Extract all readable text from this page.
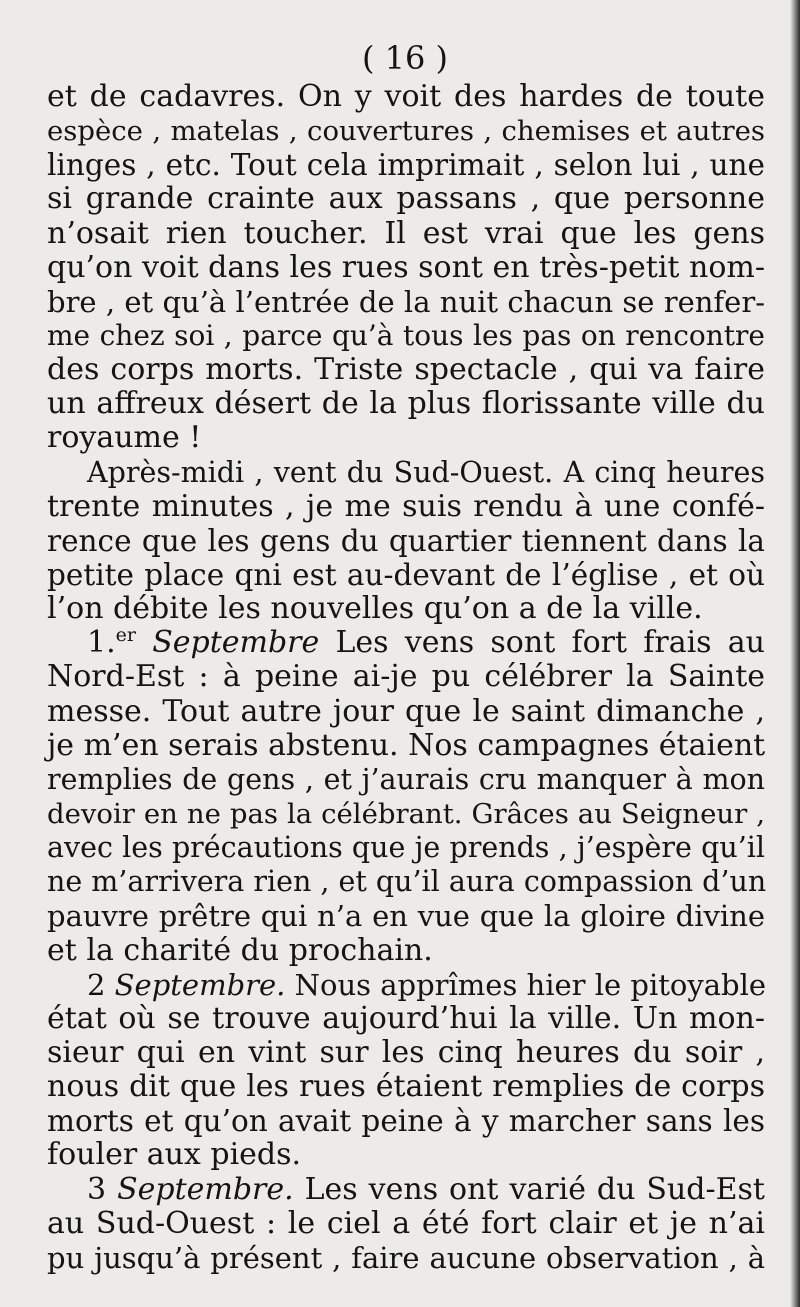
( 16 )
et de cadavres. On y voit des hardes de toute
espèce , matelas , couvertures , chemises et autres
linges , etc. Tout cela imprimait , selon lui , une
si grande crainte aux passans , que personne
n’osait rien toucher. Il est vrai que les gens
qu’on voit dans les rues sont en très-petit nom-
bre , et qu’à l’entrée de la nuit chacun se renfer-
me chez soi , parce qu’à tous les pas on rencontre
des corps morts. Triste spectacle , qui va faire
un affreux désert de la plus florissante ville du
royaume !
Après-midi , vent du Sud-Ouest. A cinq heures
trente minutes , je me suis rendu à une confé-
rence que les gens du quartier tiennent dans la
petite place qni est au-devant de l’église , et où
l’on débite les nouvelles qu’on a de la ville.
1.$^{er}$ Septembre Les vens sont fort frais au
Nord-Est : à peine ai-je pu célébrer la Sainte
messe. Tout autre jour que le saint dimanche ,
je m’en serais abstenu. Nos campagnes étaient
remplies de gens , et j’aurais cru manquer à mon
devoir en ne pas la célébrant. Grâces au Seigneur ,
avec les précautions que je prends , j’espère qu’il
ne m’arrivera rien , et qu’il aura compassion d’un
pauvre prêtre qui n’a en vue que la gloire divine
et la charité du prochain.
2 Septembre. Nous apprîmes hier le pitoyable
état où se trouve aujourd’hui la ville. Un mon-
sieur qui en vint sur les cinq heures du soir ,
nous dit que les rues étaient remplies de corps
morts et qu’on avait peine à y marcher sans les
fouler aux pieds.
3 Septembre. Les vens ont varié du Sud-Est
au Sud-Ouest : le ciel a été fort clair et je n’ai
pu jusqu’à présent , faire aucune observation , à
